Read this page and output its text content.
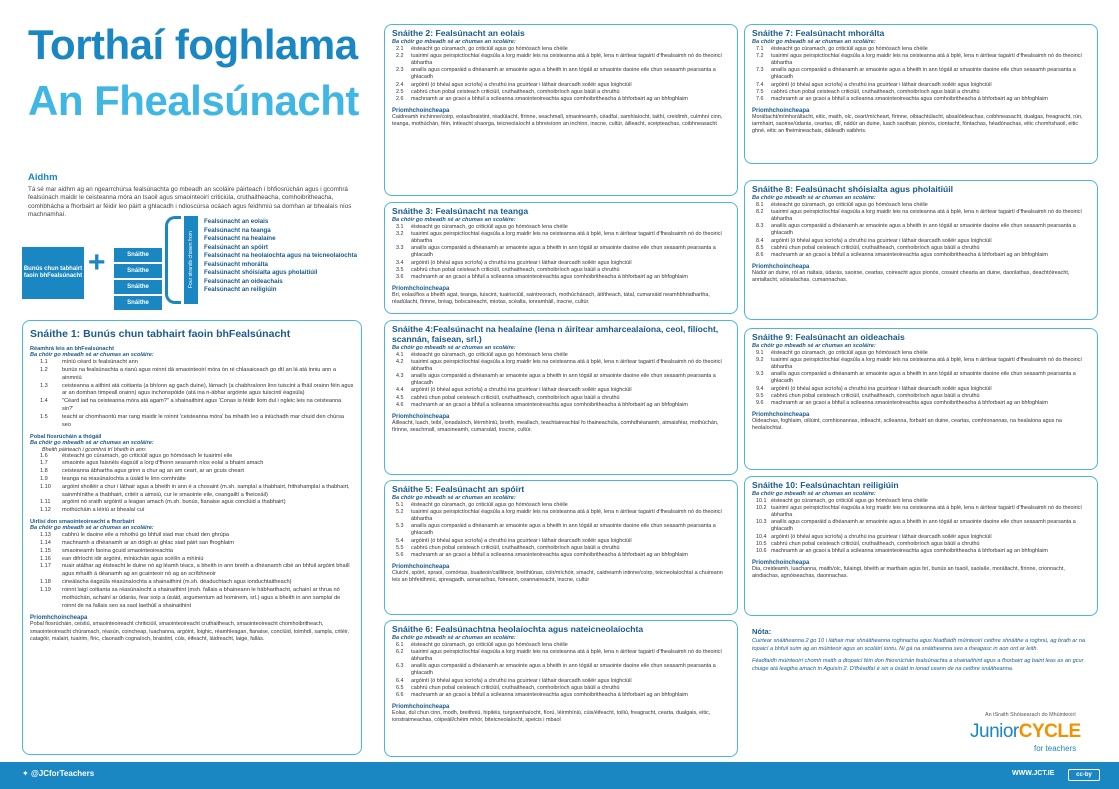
Torthaí foghlama
An Fhealsúnacht
Aidhm
Tá sé mar aidhm ag an ngearrchúrsa fealsúnachta go mbeadh an scoláire páirteach i bhfiosrúchán agus i gcomhrá fealsúnach maidir le ceisteanna móra an tsaoil agus smaointeoirí criticiúla, cruthaitheacha, comhoibritheacha, comhbhácha a fhorbairt ar féidir leo páirt a ghlacadh i ndioscúrsa ocáach agus feidhmiú sa domhan ar bhealaís níos machnamhaí.
Bunús chun tabhairt faoin bhFealsúnacht +	Snáithe
Snáithe
Snáithe
Snáithe
Four strands chosen from
Fealsúnacht an eolais
Fealsúnacht na teanga
Fealsúnacht na healaíne
Fealsúnacht an spóirt
Fealsúnacht na heolaíochta agus na teicneolaíochta
Fealsúnacht mhorálta
Fealsúnacht shóisialta agus pholaitiúil
Fealsúnacht an oideachais
Fealsúnacht an reiligiúin
Snáithe 1: Bunús chun tabhairt faoin bhFealsúnacht
Réamhrá leis an bhFealsúnacht
Ba chóir go mbeadh sé ar chumas an scoláire:
1.1	míniú céard is fealsúnacht ann
1.2	bunús na fealsúnachta a rianú agus roinnt dá smaointeoirí móra ón ré chlasaiceach go dtí an lá atá inniu ann a ainmniú
1.3	ceisteanna a aithint atá coitianta (a bhíonn ag gach duine), lárnach (a chabhraíonn linn tuiscint a fháil orainn féin agus ar an domhan timpeall orainn) agus inchonspóide (atá ina n-ábhar argóinte agus tuiscintí éagsúla)
1.4	"Céard iad na ceisteanna móra atá agam?" a shainaithint agus 'Conas is féidir liom dul i ngleic leis na ceisteanna sin?'
1.5	teacht ar chomhaontú mar rang maidir le roinnt 'ceisteanna móra' ba mhaith leo a iniúchadh mar chuid den chúrsa seo
Pobal fiosrúcháin a thógáil
Ba chóir go mbeadh sé ar chumas an scoláire:
Bheith páirteach i gcomhrá trí bheith in ann:
1.6	éisteacht go cúramach, go criticiúil agus go hómósach le tuairimí eile
1.7	smaointe agus faisnéis éagsúil a lorg d'fhonn seasamh níos eolaí a bhaint amach
1.8	ceisteanna ábhartha agus grinn a chur ag an am ceart, ar an gcuis cheart
1.9	teanga na réasúnaíochta a úsáid le linn comhráite
1.10	argóint shoiléir a chur i láthair agus a bheith in ann é a chosaint (m.sh. samplaí a thabhairt, frithshamplaí a thabhairt, sainmhínithe a thabhairt, critéir a aimsiú, cur le smaointe eile, ceangailtí a fheiceáil)
1.11	argóint nó sraith argóintí a leagan amach (m.sh. bunús, fianaise agus conclúid a thabhairt)
1.12	mothúcháin a léiriú ar bhealaí cuí
Uirlisí don smaointeoireacht a fhorbairt
Ba chóir go mbeadh sé ar chumas an scoláire:
1.13	cabhrú le daoine eile a mhothú go bhfuil siad mar chuid den ghrúpa
1.14	machnamh a dhéanamh ar an dóigh ar ghlac siad páirt san fhoghlaim
1.15	smaoineamh faoina gcuid smaointeoireachta
1.16	ean difríocht idir argóint, míniúchán agus scéilín a mhíniú
1.17	nuair atáthar ag éisteacht le duine nó ag léamh téacs, a bheith in ann breith a dhéanamh cibé an bhfuil argóint bhailí agus mhaith á déanamh ag an gcainteoir nó ag an scríbhneoir
1.18	cineálacha éagsúla réasúnaíochta a shainaithint (m.sh. déaduchtach agus ionduchtaitheach)
1.19	roinnt laigí coitianta sa réasúnaíocht a shainaithint (msh. fallais a bhaineann le hábharthacht, achainí ar thrua nó mothúchán, achainí ar údarás, fear soip a úsáid, argumentum ad hominem, srl.) agus a bheith in ann samplaí de roinnt de na fallais seo sa saol laethúil a shainaithint
Príomhchoincheapa
Pobal fiosrúcháin, ceistiú, smaointeoireacht chriticiúil, smaointeoireacht cruthaitheach, smaointeoireacht chomhoibritheach, smaointeoireacht chúramach, réasún, coincheap, luachanna, argóint, loighic, réamhleagan, fianaise, conclúid, toimhdí, sampla, critéir, catagóir, malairt, tuairim, fíric, claonadh cognaíoch, braistint, cúis, éifeacht, láidreacht, laige, fallás.
Snáithe 2: Fealsúnacht an eolais
Ba chóir go mbeadh sé ar chumas an scoláire:
2.1	éisteacht go cúramach, go criticiúil agus go hómósach lena chéile
2.2	tuairimí agus peirspictíochtaí éagsúla a lorg maidir leis na ceisteanna atá á bplé, lena n áirítear tagairtí d'fhealsaimh nó do theoiricí ábhartha
2.3	anailís agus comparáid a dhéanamh ar smaointe agus a bheith in ann tógáil ar smaointe daoine eile chun seasamh pearsanta a ghlacadh
2.4	argóintí (ó bhéal agus scríofa) a chruthú ina gcuirtear i láthair dearcadh soiléir agus loighciúil
2.5	cabhrú chun pobal ceisteach criticiúil, cruthaitheach, comhoibríoch agus báúil a chruthú
2.6	machnamh ar an gcaoi a bhfuil a scileanna smaointeoireachta agus comhoibritheacha á bhforbairt ag an bhfoghlaim
Príomhchoincheapa
Caidreamh inchinne/coirp, eolas/braistint, réadúlacht, fírinne, seachmall, smaoineamh, céadfaí, samhlaíocht, taithí, creidimh, cuimhní cinn, teanga, mothúchán, féin, intleacht shaorga, teicneolaíocht a bhreisíonn an inchinn, inscne, cultúr, áilleacht, sceipteachas, coibhneasacht
Snáithe 3: Fealsúnacht na teanga
Ba chóir go mbeadh sé ar chumas an scoláire:
3.1	éisteacht go cúramach, go criticiúil agus go hómósach lena chéile
3.2	tuairimí agus peirspictíochtaí éagsúla a lorg maidir leis na ceisteanna atá á bplé, lena n áirítear tagairtí d'fhealsaimh nó do theoiricí ábhartha
3.3	anailís agus comparáid a dhéanamh ar smaointe agus a bheith in ann tógáil ar smaointe daoine eile chun seasamh pearsanta a ghlacadh
3.4	argóintí (ó bhéal agus scríofa) a chruthú ina gcuirtear i láthair dearcadh soiléir agus loighciúil
3.5	cabhrú chun pobal ceisteach criticiúil, cruthaitheach, comhoibríoch agus báúil a chruthú
3.6	machnamh ar an gcaoi a bhfuil a scileanna smaointeoireachta agus comhoibritheacha á bhforbairt ag an bhfoghlaim
Príomhchoincheapa
Brí, eolas/fios a bheith agat, teanga, tuiscint, tuairisciúil, saintreorach, mothúchánach, áitítheach, tátal, cumarsáid neamhbhriathartha, réadúlacht, fírinne, bréag, bolscaireacht, miotas, scéalta, ionramháil, inscne, cultúr.
Snáithe 4:Fealsúnacht na healaíne (lena n áirítear amharcealaíona, ceol, filíocht, scannán, faisean, srl.)
Ba chóir go mbeadh sé ar chumas an scoláire:
4.1	éisteacht go cúramach, go criticiúil agus go hómósach lena chéile
4.2	tuairimí agus peirspictíochtaí éagsúla a lorg maidir leis na ceisteanna atá á bplé, lena n áirítear tagairtí d'fhealsaimh nó do theoiricí ábhartha
4.3	anailís agus comparáid a dhéanamh ar smaointe agus a bheith in ann tógáil ar smaointe daoine eile chun seasamh pearsanta a ghlacadh
4.4	argóintí (ó bhéal agus scríofa) a chruthú ina gcuirtear i láthair dearcadh soiléir agus loighciúil
4.5	cabhrú chun pobal ceisteach criticiúil, cruthaitheach, comhoibríoch agus báúil a chruthú
4.6	machnamh ar an gcaoi a bhfuil a scileanna smaointeoireachta agus comhoibritheacha á bhforbairt ag an bhfoghlaim
Príomhchoincheapa
Áilleacht, luach, teibí, ionadaíoch, léirmhíniú, breith, meallach, teachtaireachtaí fo thaineachúla, comhdhéanamh, atmaisféar, mothúchán, fírinne, seachmall, smaoineamh, cumarsáid, inscne, cultúr.
Snáithe 5: Fealsúnacht an spóirt
Ba chóir go mbeadh sé ar chumas an scoláire:
5.1	éisteacht go cúramach, go criticiúil agus go hómósach lena chéile
5.2	tuairimí agus peirspictíochtaí éagsúla a lorg maidir leis na ceisteanna atá á bplé, lena n áirítear tagairtí d'fhealsaimh nó do theoiricí ábhartha
5.3	anailís agus comparáid a dhéanamh ar smaointe agus a bheith in ann tógáil ar smaointe daoine eile chun seasamh pearsanta a ghlacadh
5.4	argóintí (ó bhéal agus scríofa) a chruthú ina gcuirtear i láthair dearcadh soiléir agus loighciúil
5.5	cabhrú chun pobal ceisteach criticiúil, cruthaitheach, comhoibríoch agus báúil a chruthú
5.6	machnamh ar an gcaoi a bhfuil a scileanna smaointeoireachta agus comhoibritheacha á bhforbairt ag an bhfoghlaim
Príomhchoincheapa
Cluichí, spóirt, spraoi, comórtas, buaiteoir/cailliteoir, breithiúnas, cóir/míchóir, smacht, caidreamh intinne/coirp, teicneolaíochtaí a chuireann leis an bhfeidhmiú, spreagadh, aonarachas, foireann, ceannaireacht, inscne, cultúr
Snáithe 6: Fealsúnachtna heolaíochta agus nateicneolaíochta
Ba chóir go mbeadh sé ar chumas an scoláire:
6.1	éisteacht go cúramach, go criticiúil agus go hómósach lena chéile
6.2	tuairimí agus peirspictíochtaí éagsúla a lorg maidir leis na ceisteanna atá á bplé, lena n áirítear tagairtí d'fhealsaimh nó do theoiricí ábhartha
6.3	anailís agus comparáid a dhéanamh ar smaointe agus a bheith in ann tógáil ar smaointe daoine eile chun seasamh pearsanta a ghlacadh
6.4	argóintí (ó bhéal agus scríofa) a chruthú ina gcuirtear i láthair dearcadh soiléir agus loighciúil
6.5	cabhrú chun pobal ceisteach criticiúil, cruthaitheach, comhoibríoch agus báúil a chruthú
6.6	machnamh ar an gcaoi a bhfuil a scileanna smaointeoireachta agus comhoibritheacha á bhforbairt ag an bhfoghlaim
Príomhchoincheapa
Eolas, dul chun cinn, modh, breithniú, hipitéis, turgnamhaíocht, fíorú, léirmhíniú, cúis/éifeacht, toiliú, freagracht, cearta, dualgais, eitic, ionstraimeachas, cóipeáil/chéim mhór, biteicneolaíocht, speicis i mbaol
Snáithe 7: Fealsúnacht mhorálta
Ba chóir go mbeadh sé ar chumas an scoláire:
7.1	éisteacht go cúramach, go criticiúil agus go hómósach lena chéile
7.2	tuairimí agus peirspictíochtaí éagsúla a lorg maidir leis na ceisteanna atá á bplé, lena n áirítear tagairtí d'fhealsaimh nó do theoiricí ábhartha
7.3	anailís agus comparáid a dhéanamh ar smaointe agus a bheith in ann tógáil ar smaointe daoine eile chun seasamh pearsanta a ghlacadh
7.4	argóintí (ó bhéal agus scríofa) a chruthú ina gcuirtear i láthair dearcadh soiléir agus loighciúil
7.5	cabhrú chun pobal ceisteach criticiúil, cruthaitheach, comhoibríoch agus báúil a chruthú
7.6	machnamh ar an gcaoi a bhfuil a scileanna smaointeoireachta agus comhoibritheacha á bhforbairt ag an bhfoghlaim
Príomhchoincheapa
Moráltacht/mímhoráltacht, eitic, maith, olc, ceart/mícheart, fírinne, oibiachtúlacht, absalóideachas, coibhneasacht, dualgas, freagracht, rún, iarmhairt, saoirse/údarás, ceartas, dlí, nádúr an duine, luach saothair, pionós, ciontacht, fóntachas, héadónachas, eitic chomhshaoil, eitic ghné, eitic an fheimineachais, dáileadh saibhris.
Snáithe 8: Fealsúnacht shóisialta agus pholaitiúil
Ba chóir go mbeadh sé ar chumas an scoláire:
8.1	éisteacht go cúramach, go criticiúil agus go hómósach lena chéile
8.2	tuairimí agus peirspictíochtaí éagsúla a lorg maidir leis na ceisteanna atá á bplé, lena n áirítear tagairtí d'fhealsaimh nó do theoiricí ábhartha
8.3	anailís agus comparáid a dhéanamh ar smaointe agus a bheith in ann tógáil ar smaointe daoine eile chun seasamh pearsanta a ghlacadh
8.4	argóintí (ó bhéal agus scríofa) a chruthú ina gcuirtear i láthair dearcadh soiléir agus loighciúil
8.5	cabhrú chun pobal ceisteach criticiúil, cruthaitheach, comhoibríoch agus báúil a chruthú
8.6	machnamh ar an gcaoi a bhfuil a scileanna smaointeoireachta agus comhoibritheacha á bhforbairt ag an bhfoghlaim
Príomhchoincheapa
Nádúr an duine, ról an rialtais, údarás, saoirse, ceartas, coireacht agus pionós, cosaint chearta an duine, daonlathas, deachtóireacht, anrialtacht, sóisialachas, cumannachas.
Snáithe 9: Fealsúnacht an oideachais
Ba chóir go mbeadh sé ar chumas an scoláire:
9.1	éisteacht go cúramach, go criticiúil agus go hómósach lena chéile
9.2	tuairimí agus peirspictíochtaí éagsúla a lorg maidir leis na ceisteanna atá á bplé, lena n áirítear tagairtí d'fhealsaimh nó do theoiricí ábhartha
9.3	anailís agus comparáid a dhéanamh ar smaointe agus a bheith in ann tógáil ar smaointe daoine eile chun seasamh pearsanta a ghlacadh
9.4	argóintí (ó bhéal agus scríofa) a chruthú ina gcuirtear i láthair dearcadh soiléir agus loighciúil
9.5	cabhrú chun pobal ceisteach criticiúil, cruthaitheach, comhoibríoch agus báúil a chruthú
9.6	machnamh ar an gcaoi a bhfuil a scileanna smaointeoireachta agus comhoibritheacha á bhforbairt ag an bhfoghlaim
Príomhchoincheapa
Oideachas, foghlaim, oiliúint, comhionannas, intleacht, scileanna, forbairt an duine, ceartas, comhionannas, na healaíona agus na heolaíochtaí.
Snáithe 10: Fealsúnachtan reiligiúin
Ba chóir go mbeadh sé ar chumas an scoláire:
10.1 éisteacht go cúramach, go criticiúil agus go hómósach lena chéile
10.2 tuairimí agus peirspictíochtaí éagsúla a lorg maidir leis na ceisteanna atá á bplé, lena n áirítear tagairtí d'fhealsaimh nó do theoiricí ábhartha
10.3 anailís agus comparáid a dhéanamh ar smaointe agus a bheith in ann tógáil ar smaointe daoine eile chun seasamh pearsanta a ghlacadh
10.4 argóintí (ó bhéal agus scríofa) a chruthú ina gcuirtear i láthair dearcadh soiléir agus loighciúil
10.5 cabhrú chun pobal ceisteach criticiúil, cruthaitheach, comhoibríoch agus báúil a chruthú
10.6 machnamh ar an gcaoi a bhfuil a scileanna smaointeoireachta agus comhoibritheacha á bhforbairt ag an bhfoghlaim
Príomhchoincheapa
Dia, creideamh, luachanna, maith/olc, fulaingt, bheith ar marthain agus brí, bunús an tsaoil, saolaíle, moráltacht, fírinne, crionnacht, aindiachas, agnóiseachas, daonnachas.
Nóta:

Cuirtear snáitheanna 2 go 10 i láthair mar shnáitheanna roghnacha agus féadfaidh múinteoirí ceithre shnáithe a roghnú, ag brath ar na topaicí a bhfuil suim ag an múinteoir agus an scoláirí iontu. Ní gá na snáitheanna seo a theagasc in aon ord ar leith.

Féadfaidh múinteoirí chomh maith a dtopaicí féin don fhiosrúchán fealsúnachta a shainaithint agus a fhorbairt ag baint leas as an gcur chuige atá leagtha amach in Aguisín 2. D'fhéadfaí é sin a úsáid in ionad ceann de na ceithre snáitheanna.

An tSraith Shóisearach do Mhúinteoirí
JuniorCYCLE
for teachers
✦ @JCforTeachers	WWW.JCT.IE	cc-by
